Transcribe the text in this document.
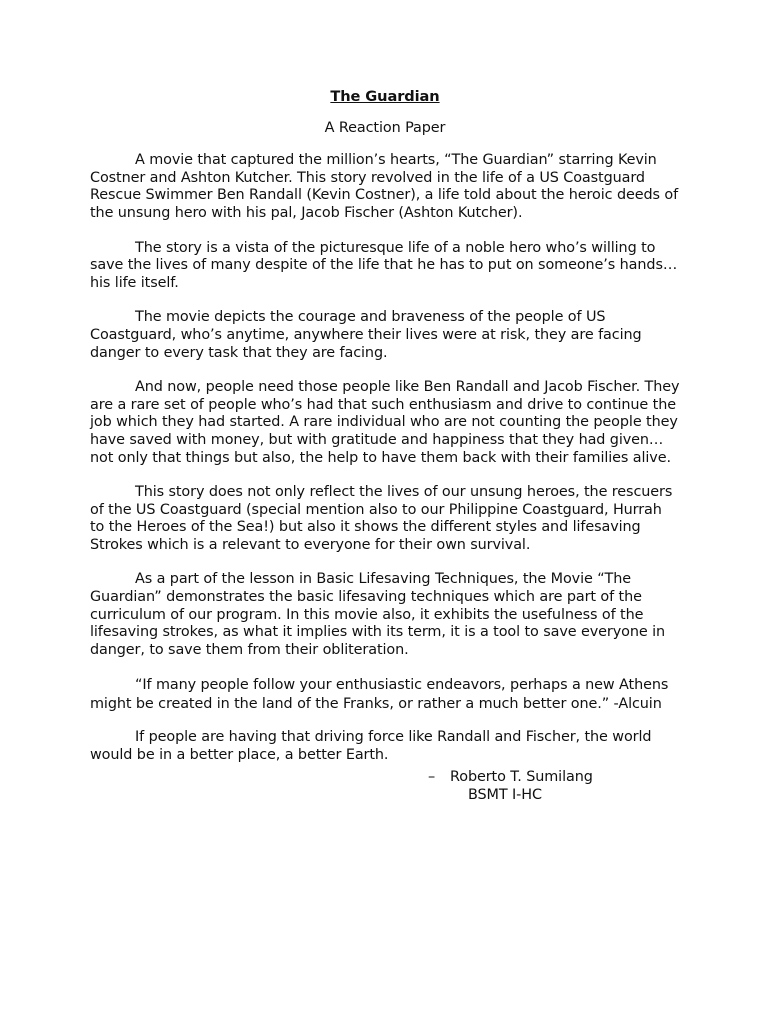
The Guardian
A Reaction Paper

A movie that captured the million’s hearts, “The Guardian” starring Kevin Costner and Ashton Kutcher. This story revolved in the life of a US Coastguard Rescue Swimmer Ben Randall (Kevin Costner), a life told about the heroic deeds of the unsung hero with his pal, Jacob Fischer (Ashton Kutcher).

The story is a vista of the picturesque life of a noble hero who’s willing to save the lives of many despite of the life that he has to put on someone’s hands… his life itself.

The movie depicts the courage and braveness of the people of US Coastguard, who’s anytime, anywhere their lives were at risk, they are facing danger to every task that they are facing.

And now, people need those people like Ben Randall and Jacob Fischer. They are a rare set of people who’s had that such enthusiasm and drive to continue the job which they had started. A rare individual who are not counting the people they have saved with money, but with gratitude and happiness that they had given… not only that things but also, the help to have them back with their families alive.

This story does not only reflect the lives of our unsung heroes, the rescuers of the US Coastguard (special mention also to our Philippine Coastguard, Hurrah to the Heroes of the Sea!) but also it shows the different styles and lifesaving Strokes which is a relevant to everyone for their own survival.

As a part of the lesson in Basic Lifesaving Techniques, the Movie “The Guardian” demonstrates the basic lifesaving techniques which are part of the curriculum of our program. In this movie also, it exhibits the usefulness of the lifesaving strokes, as what it implies with its term, it is a tool to save everyone in danger, to save them from their obliteration.

“If many people follow your enthusiastic endeavors, perhaps a new Athens might be created in the land of the Franks, or rather a much better one.” -Alcuin

If people are having that driving force like Randall and Fischer, the world would be in a better place, a better Earth.

– Roberto T. Sumilang
BSMT I-HC
